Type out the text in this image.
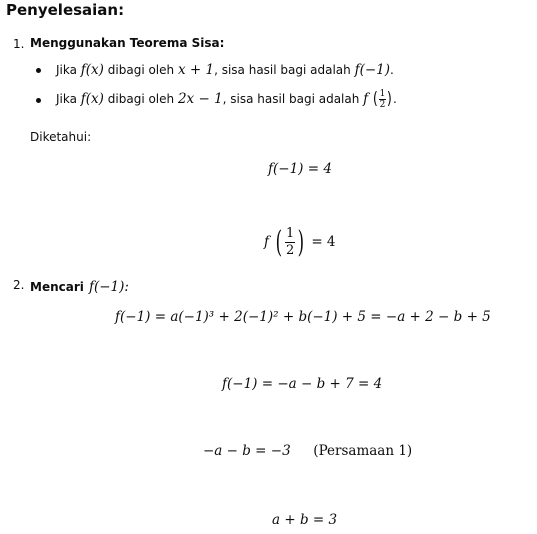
Penyelesaian:
1. Menggunakan Teorema Sisa:
Jika f(x) dibagi oleh x + 1, sisa hasil bagi adalah f(−1).
Jika f(x) dibagi oleh 2x − 1, sisa hasil bagi adalah f ( $\frac{1}{2}$ ).
Diketahui:
f(−1) = 4
f ( $\frac{1}{2}$ ) = 4
2. Mencari f(−1):
f(−1) = a(−1)³ + 2(−1)² + b(−1) + 5 = −a + 2 − b + 5
f(−1) = −a − b + 7 = 4
−a − b = −3 (Persamaan 1)
a + b = 3
